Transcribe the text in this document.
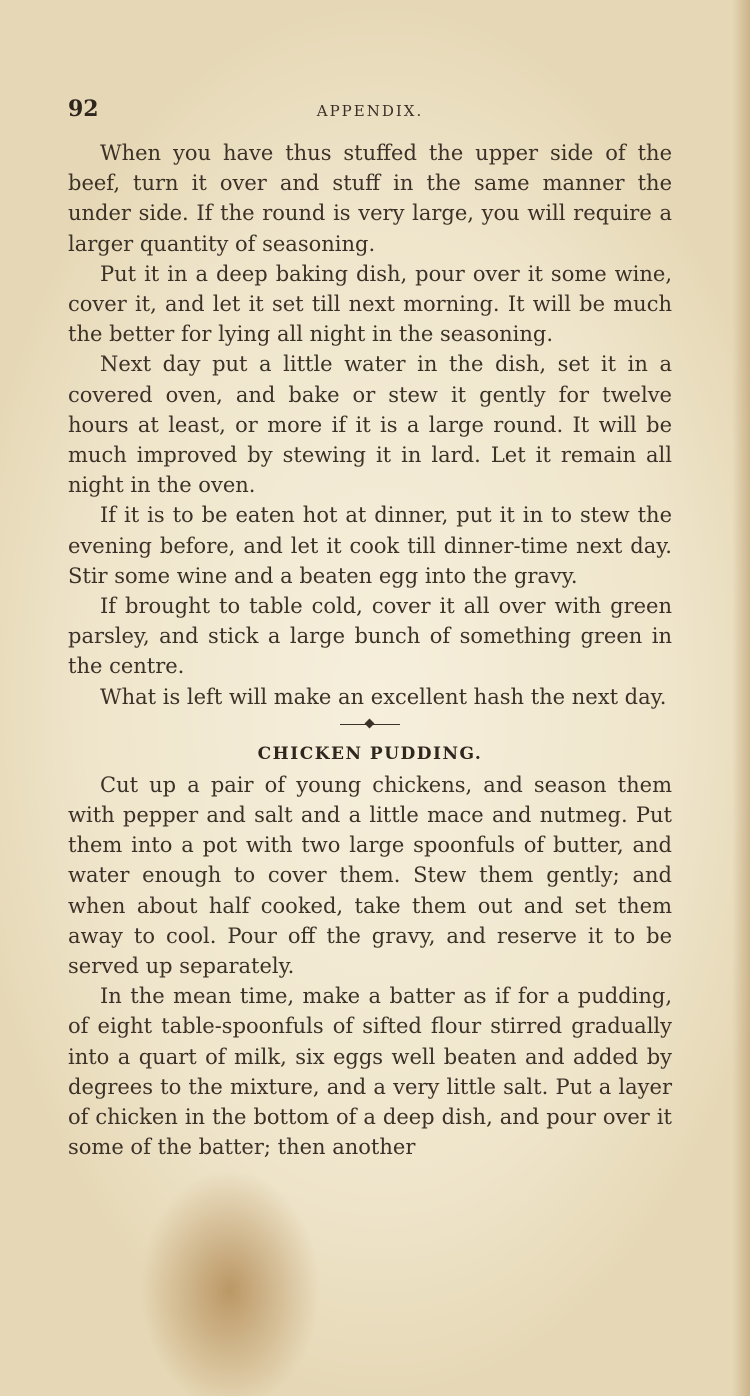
92	APPENDIX.

When you have thus stuffed the upper side of the beef, turn it over and stuff in the same manner the under side. If the round is very large, you will require a larger quantity of seasoning.

Put it in a deep baking dish, pour over it some wine, cover it, and let it set till next morning. It will be much the better for lying all night in the seasoning.

Next day put a little water in the dish, set it in a covered oven, and bake or stew it gently for twelve hours at least, or more if it is a large round. It will be much improved by stewing it in lard. Let it remain all night in the oven.

If it is to be eaten hot at dinner, put it in to stew the evening before, and let it cook till dinner-time next day. Stir some wine and a beaten egg into the gravy.

If brought to table cold, cover it all over with green parsley, and stick a large bunch of something green in the centre.

What is left will make an excellent hash the next day.

CHICKEN PUDDING.

Cut up a pair of young chickens, and season them with pepper and salt and a little mace and nutmeg. Put them into a pot with two large spoonfuls of butter, and water enough to cover them. Stew them gently; and when about half cooked, take them out and set them away to cool. Pour off the gravy, and reserve it to be served up separately.

In the mean time, make a batter as if for a pudding, of eight table-spoonfuls of sifted flour stirred gradually into a quart of milk, six eggs well beaten and added by degrees to the mixture, and a very little salt. Put a layer of chicken in the bottom of a deep dish, and pour over it some of the batter; then another
